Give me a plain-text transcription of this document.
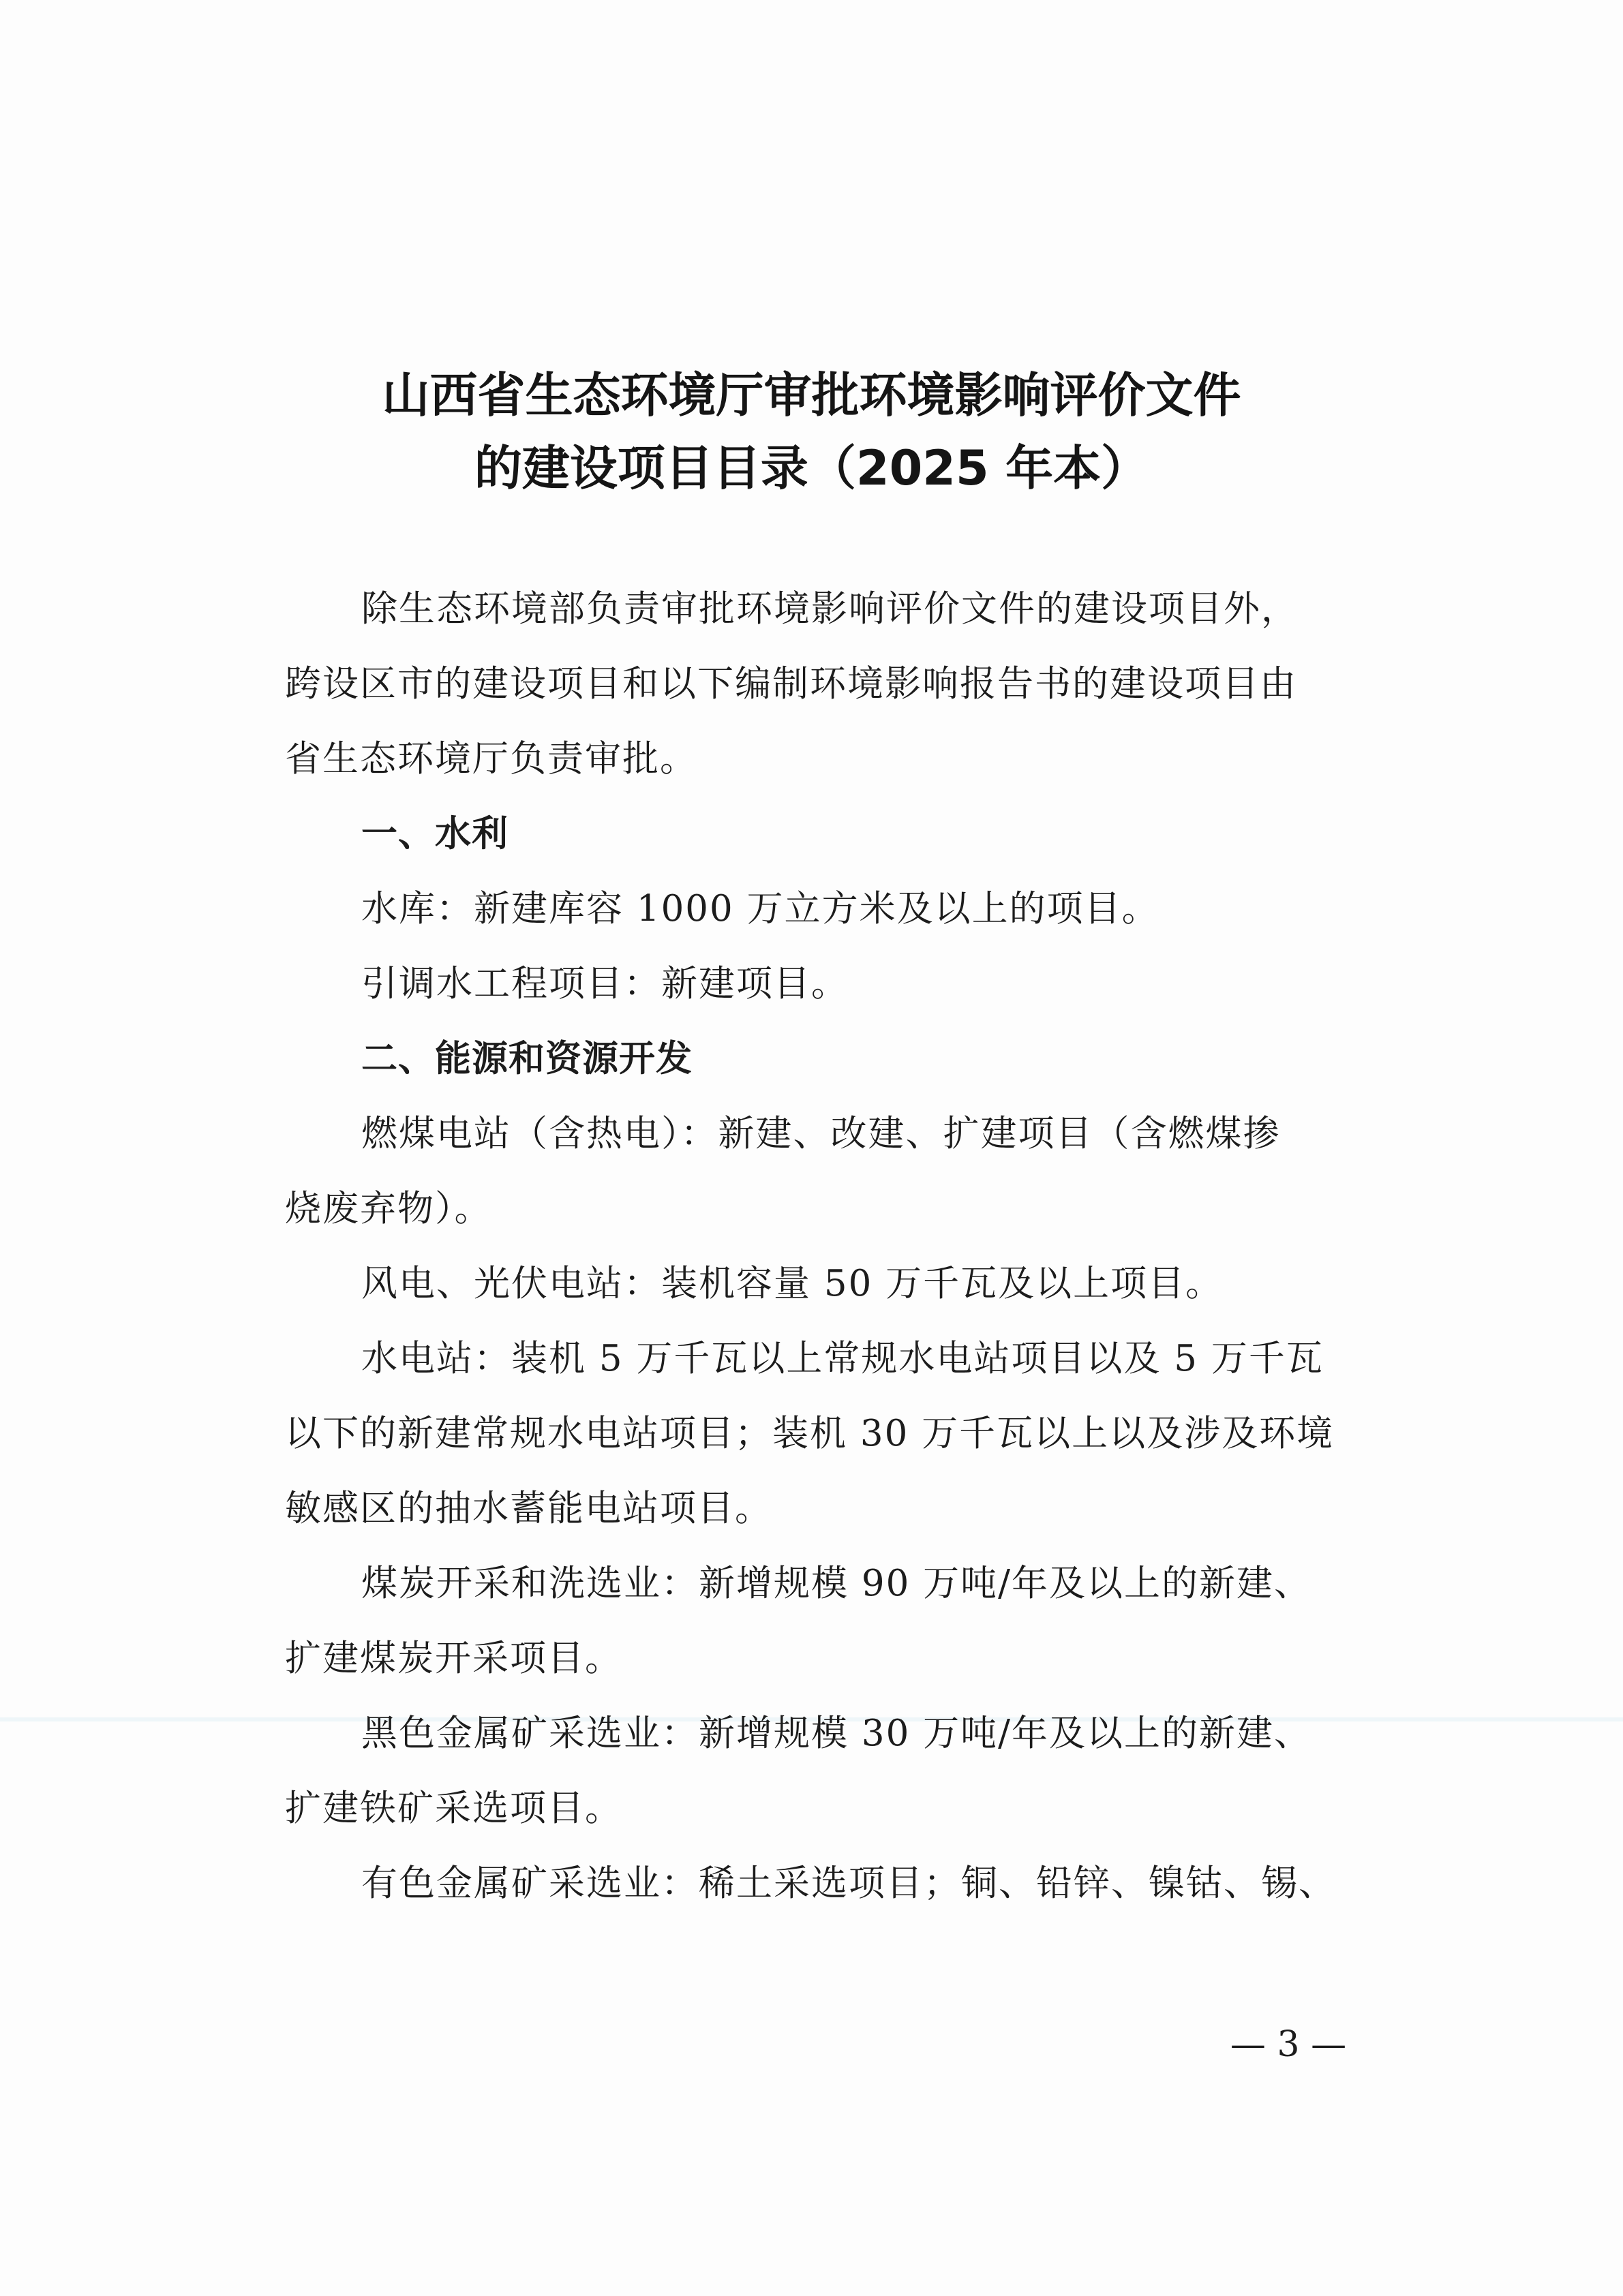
山西省生态环境厅审批环境影响评价文件
的建设项目目录（2025 年本）
除生态环境部负责审批环境影响评价文件的建设项目外，
跨设区市的建设项目和以下编制环境影响报告书的建设项目由
省生态环境厅负责审批。
一、水利
水库：新建库容 1000 万立方米及以上的项目。
引调水工程项目：新建项目。
二、能源和资源开发
燃煤电站（含热电）：新建、改建、扩建项目（含燃煤掺
烧废弃物）。
风电、光伏电站：装机容量 50 万千瓦及以上项目。
水电站：装机 5 万千瓦以上常规水电站项目以及 5 万千瓦
以下的新建常规水电站项目；装机 30 万千瓦以上以及涉及环境
敏感区的抽水蓄能电站项目。
煤炭开采和洗选业：新增规模 90 万吨/年及以上的新建、
扩建煤炭开采项目。
黑色金属矿采选业：新增规模 30 万吨/年及以上的新建、
扩建铁矿采选项目。
有色金属矿采选业：稀土采选项目；铜、铅锌、镍钴、锡、
— 3 —
